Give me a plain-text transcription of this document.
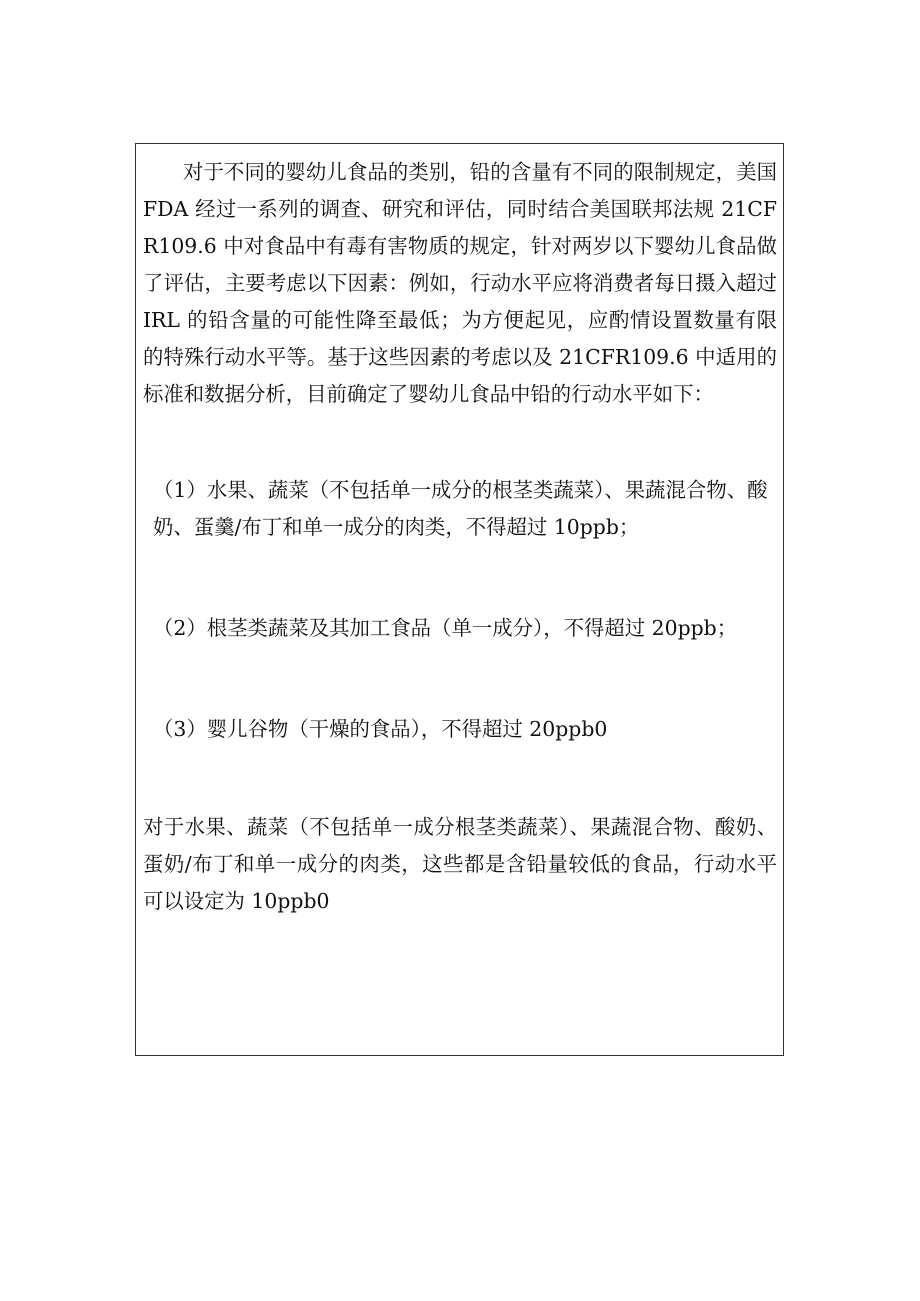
对于不同的婴幼儿食品的类别，铅的含量有不同的限制规定，美国 FDA 经过一系列的调查、研究和评估，同时结合美国联邦法规 21CFR109.6 中对食品中有毒有害物质的规定，针对两岁以下婴幼儿食品做了评估，主要考虑以下因素：例如，行动水平应将消费者每日摄入超过 IRL 的铅含量的可能性降至最低；为方便起见，应酌情设置数量有限的特殊行动水平等。基于这些因素的考虑以及 21CFR109.6 中适用的标准和数据分析，目前确定了婴幼儿食品中铅的行动水平如下：

（1）水果、蔬菜（不包括单一成分的根茎类蔬菜）、果蔬混合物、酸奶、蛋羹/布丁和单一成分的肉类，不得超过 10ppb；

（2）根茎类蔬菜及其加工食品（单一成分），不得超过 20ppb；

（3）婴儿谷物（干燥的食品），不得超过 20ppb0

对于水果、蔬菜（不包括单一成分根茎类蔬菜）、果蔬混合物、酸奶、蛋奶/布丁和单一成分的肉类，这些都是含铅量较低的食品，行动水平可以设定为 10ppb0
